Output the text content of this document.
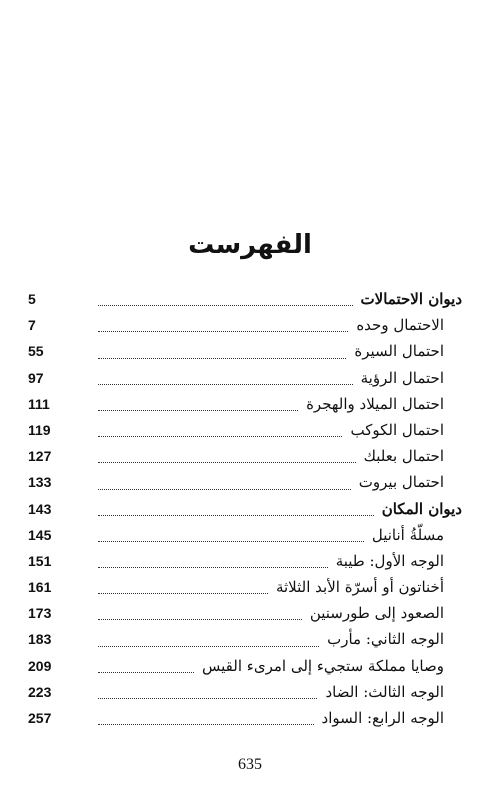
الفهرست
ديوان الاحتمالات
5
الاحتمال وحده
7
احتمال السيرة
55
احتمال الرؤية
97
احتمال الميلاد والهجرة
111
احتمال الكوكب
119
احتمال بعلبك
127
احتمال بيروت
133
ديوان المكان
143
مسلّةُ أنانيل
145
الوجه الأول: طيبة
151
أخناتون أو أسرّة الأبد الثلاثة
161
الصعود إلى طورسنين
173
الوجه الثاني: مأرب
183
وصايا مملكة ستجيء إلى امرىء القيس
209
الوجه الثالث: الضاد
223
الوجه الرابع: السواد
257
635
